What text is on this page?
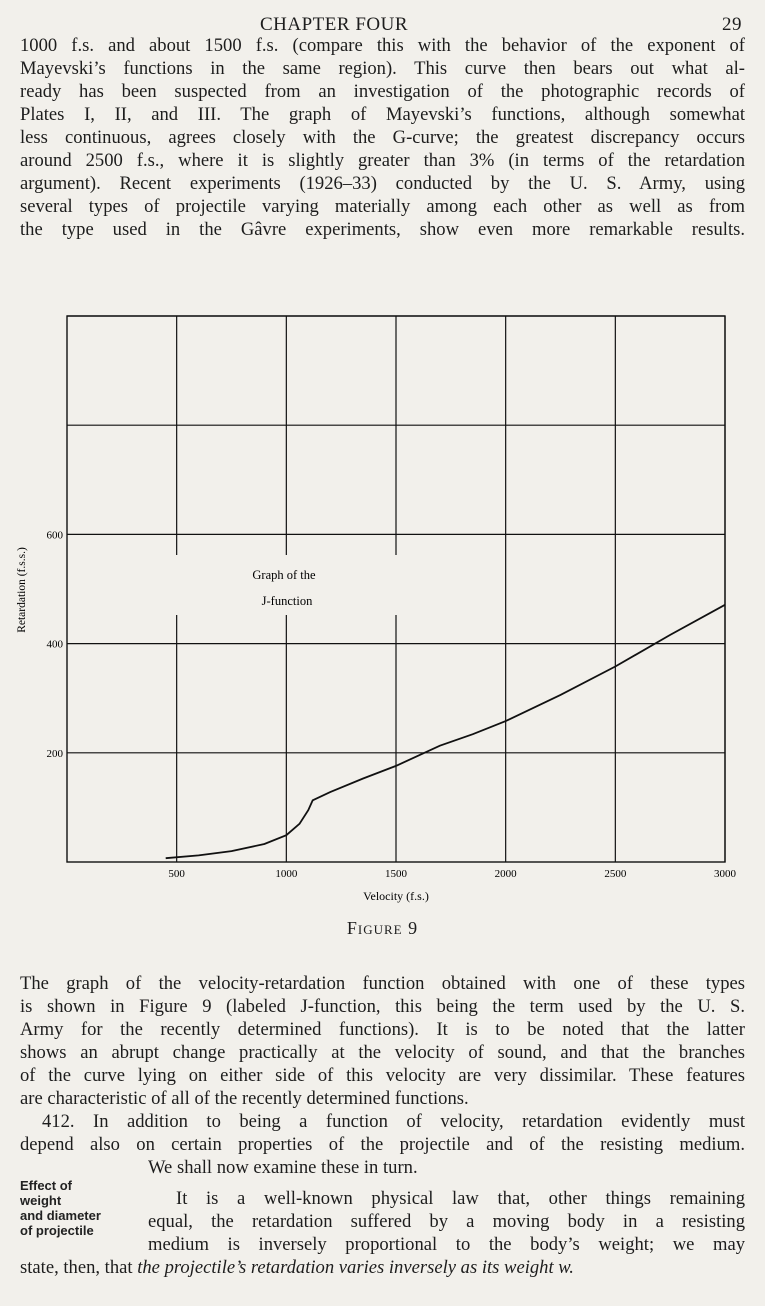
CHAPTER FOUR	29
1000 f.s. and about 1500 f.s. (compare this with the behavior of the exponent of
Mayevski’s functions in the same region). This curve then bears out what al-
ready has been suspected from an investigation of the photographic records of
Plates I, II, and III. The graph of Mayevski’s functions, although somewhat
less continuous, agrees closely with the G-curve; the greatest discrepancy occurs
around 2500 f.s., where it is slightly greater than 3% (in terms of the retardation
argument). Recent experiments (1926–33) conducted by the U. S. Army, using
several types of projectile varying materially among each other as well as from
the type used in the Gâvre experiments, show even more remarkable results.
500	1000	1500	2000	2500	3000
200
400
600
Graph of the
J-function
Velocity (f.s.)
Retardation (f.s.s.)
Figure 9
The graph of the velocity-retardation function obtained with one of these types
is shown in Figure 9 (labeled J-function, this being the term used by the U. S.
Army for the recently determined functions). It is to be noted that the latter
shows an abrupt change practically at the velocity of sound, and that the branches
of the curve lying on either side of this velocity are very dissimilar. These features
are characteristic of all of the recently determined functions.
412. In addition to being a function of velocity, retardation evidently must
depend also on certain properties of the projectile and of the resisting medium.
We shall now examine these in turn.
Effect of
weight
and diameter
of projectile
It is a well-known physical law that, other things remaining
equal, the retardation suffered by a moving body in a resisting
medium is inversely proportional to the body’s weight; we may
state, then, that the projectile’s retardation varies inversely as its weight w.
